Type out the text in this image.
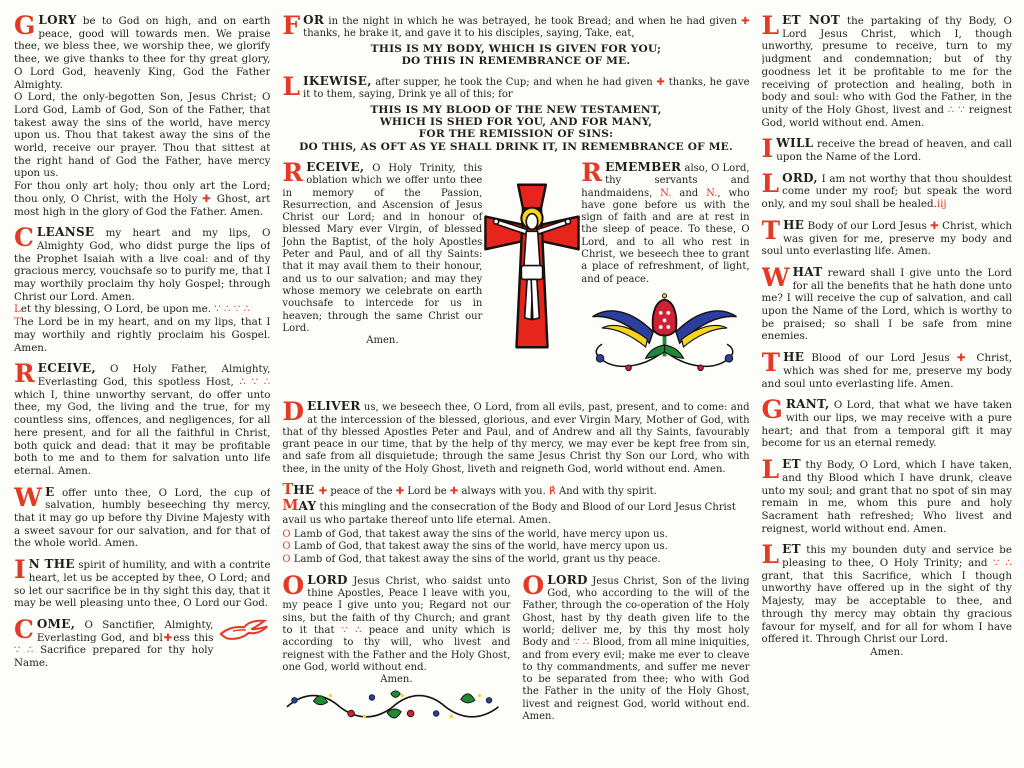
GLORY be to God on high, and on earth peace, good will towards men. We praise thee, we bless thee, we worship thee, we glorify thee, we give thanks to thee for thy great glory, O Lord God, heavenly King, God the Father Almighty.

O Lord, the only-begotten Son, Jesus Christ; O Lord God, Lamb of God, Son of the Father, that takest away the sins of the world, have mercy upon us. Thou that takest away the sins of the world, receive our prayer. Thou that sittest at the right hand of God the Father, have mercy upon us.

For thou only art holy; thou only art the Lord; thou only, O Christ, with the Holy ✚ Ghost, art most high in the glory of God the Father. Amen.

CLEANSE my heart and my lips, O Almighty God, who didst purge the lips of the Prophet Isaiah with a live coal: and of thy gracious mercy, vouchsafe so to purify me, that I may worthily proclaim thy holy Gospel; through Christ our Lord. Amen.

Let thy blessing, O Lord, be upon me. ∵ ∴ ∵ ∴

The Lord be in my heart, and on my lips, that I may worthily and rightly proclaim his Gospel. Amen.

RECEIVE, O Holy Father, Almighty, Everlasting God, this spotless Host, ∴ ∵ ∴ which I, thine unworthy servant, do offer unto thee, my God, the living and the true, for my countless sins, offences, and negligences, for all here present, and for all the faithful in Christ, both quick and dead: that it may be profitable both to me and to them for salvation unto life eternal. Amen.

W E offer unto thee, O Lord, the cup of salvation, humbly beseeching thy mercy, that it may go up before thy Divine Majesty with a sweet savour for our salvation, and for that of the whole world. Amen.

I N THE spirit of humility, and with a contrite heart, let us be accepted by thee, O Lord; and so let our sacrifice be in thy sight this day, that it may be well pleasing unto thee, O Lord our God.

COME, O Sanctifier, Almighty, Everlasting God, and bl✚ess this ∵ ∴ Sacrifice prepared for thy holy Name.

FOR in the night in which he was betrayed, he took Bread; and when he had given ✚ thanks, he brake it, and gave it to his disciples, saying, Take, eat,

THIS IS MY BODY, WHICH IS GIVEN FOR YOU;

DO THIS IN REMEMBRANCE OF ME.

LIKEWISE, after supper, he took the Cup; and when he had given ✚ thanks, he gave it to them, saying, Drink ye all of this; for

THIS IS MY BLOOD OF THE NEW TESTAMENT,

WHICH IS SHED FOR YOU, AND FOR MANY,

FOR THE REMISSION OF SINS:

DO THIS, AS OFT AS YE SHALL DRINK IT, IN REMEMBRANCE OF ME.

RECEIVE, O Holy Trinity, this oblation which we offer unto thee in memory of the Passion, Resurrection, and Ascension of Jesus Christ our Lord; and in honour of blessed Mary ever Virgin, of blessed John the Baptist, of the holy Apostles Peter and Paul, and of all thy Saints: that it may avail them to their honour, and us to our salvation; and may they whose memory we celebrate on earth vouchsafe to intercede for us in heaven; through the same Christ our Lord.

Amen.

REMEMBER also, O Lord, thy servants and handmaidens, N. and N., who have gone before us with the sign of faith and are at rest in the sleep of peace. To these, O Lord, and to all who rest in Christ, we beseech thee to grant a place of refreshment, of light, and of peace.

DELIVER us, we beseech thee, O Lord, from all evils, past, present, and to come: and at the intercession of the blessed, glorious, and ever Virgin Mary, Mother of God, with that of thy blessed Apostles Peter and Paul, and of Andrew and all thy Saints, favourably grant peace in our time, that by the help of thy mercy, we may ever be kept free from sin, and safe from all disquietude; through the same Jesus Christ thy Son our Lord, who with thee, in the unity of the Holy Ghost, liveth and reigneth God, world without end. Amen.

THE ✚ peace of the ✚ Lord be ✚ always with you. ℟ And with thy spirit.

MAY this mingling and the consecration of the Body and Blood of our Lord Jesus Christ avail us who partake thereof unto life eternal. Amen.

O Lamb of God, that takest away the sins of the world, have mercy upon us.

O Lamb of God, that takest away the sins of the world, have mercy upon us.

O Lamb of God, that takest away the sins of the world, grant us thy peace.

OLORD Jesus Christ, who saidst unto thine Apostles, Peace I leave with you, my peace I give unto you; Regard not our sins, but the faith of thy Church; and grant to it that ∵ ∴ peace and unity which is according to thy will, who livest and reignest with the Father and the Holy Ghost, one God, world without end.

Amen.

OLORD Jesus Christ, Son of the living God, who according to the will of the Father, through the co-operation of the Holy Ghost, hast by thy death given life to the world; deliver me, by this thy most holy Body and ∵ ∴ Blood, from all mine iniquities, and from every evil; make me ever to cleave to thy commandments, and suffer me never to be separated from thee; who with God the Father in the unity of the Holy Ghost, livest and reignest God, world without end. Amen.

LET NOT the partaking of thy Body, O Lord Jesus Christ, which I, though unworthy, presume to receive, turn to my judgment and condemnation; but of thy goodness let it be profitable to me for the receiving of protection and healing, both in body and soul: who with God the Father, in the unity of the Holy Ghost, livest and ∴ ∵ reignest God, world without end. Amen.

IWILL receive the bread of heaven, and call upon the Name of the Lord.

LORD, I am not worthy that thou shouldest come under my roof; but speak the word only, and my soul shall be healed.iij

THE Body of our Lord Jesus ✚ Christ, which was given for me, preserve my body and soul unto everlasting life. Amen.

WHAT reward shall I give unto the Lord for all the benefits that he hath done unto me? I will receive the cup of salvation, and call upon the Name of the Lord, which is worthy to be praised; so shall I be safe from mine enemies.

THE Blood of our Lord Jesus ✚ Christ, which was shed for me, preserve my body and soul unto everlasting life. Amen.

GRANT, O Lord, that what we have taken with our lips, we may receive with a pure heart; and that from a temporal gift it may become for us an eternal remedy.

LET thy Body, O Lord, which I have taken, and thy Blood which I have drunk, cleave unto my soul; and grant that no spot of sin may remain in me, whom this pure and holy Sacrament hath refreshed; Who livest and reignest, world without end. Amen.

LET this my bounden duty and service be pleasing to thee, O Holy Trinity; and ∵ ∴ grant, that this Sacrifice, which I though unworthy have offered up in the sight of thy Majesty, may be acceptable to thee, and through thy mercy may obtain thy gracious favour for myself, and for all for whom I have offered it. Through Christ our Lord.

Amen.
